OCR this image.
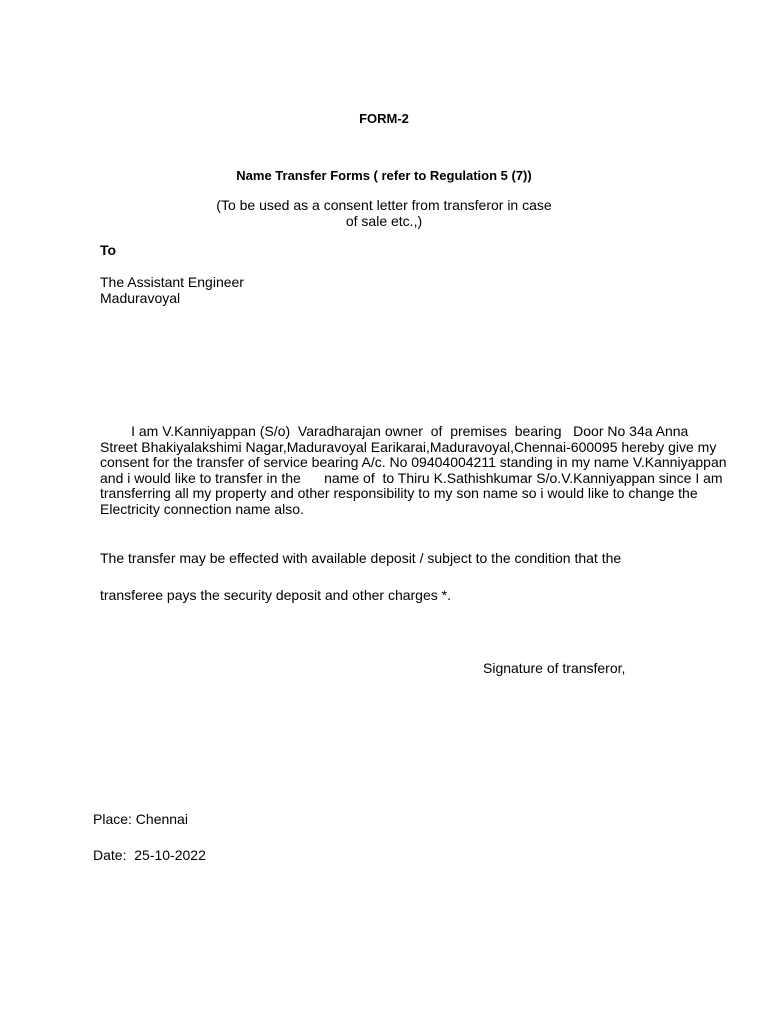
FORM-2
Name Transfer Forms ( refer to Regulation 5 (7))
(To be used as a consent letter from transferor in case
of sale etc.,)
To
The Assistant Engineer
Maduravoyal
I am V.Kanniyappan (S/o)  Varadharajan owner  of  premises  bearing   Door No 34a Anna
Street Bhakiyalakshimi Nagar,Maduravoyal Earikarai,Maduravoyal,Chennai-600095 hereby give my
consent for the transfer of service bearing A/c. No 09404004211 standing in my name V.Kanniyappan
and i would like to transfer in the      name of  to Thiru K.Sathishkumar S/o.V.Kanniyappan since I am
transferring all my property and other responsibility to my son name so i would like to change the
Electricity connection name also.
The transfer may be effected with available deposit / subject to the condition that the
transferee pays the security deposit and other charges *.
Signature of transferor,
Place: Chennai
Date:  25-10-2022
